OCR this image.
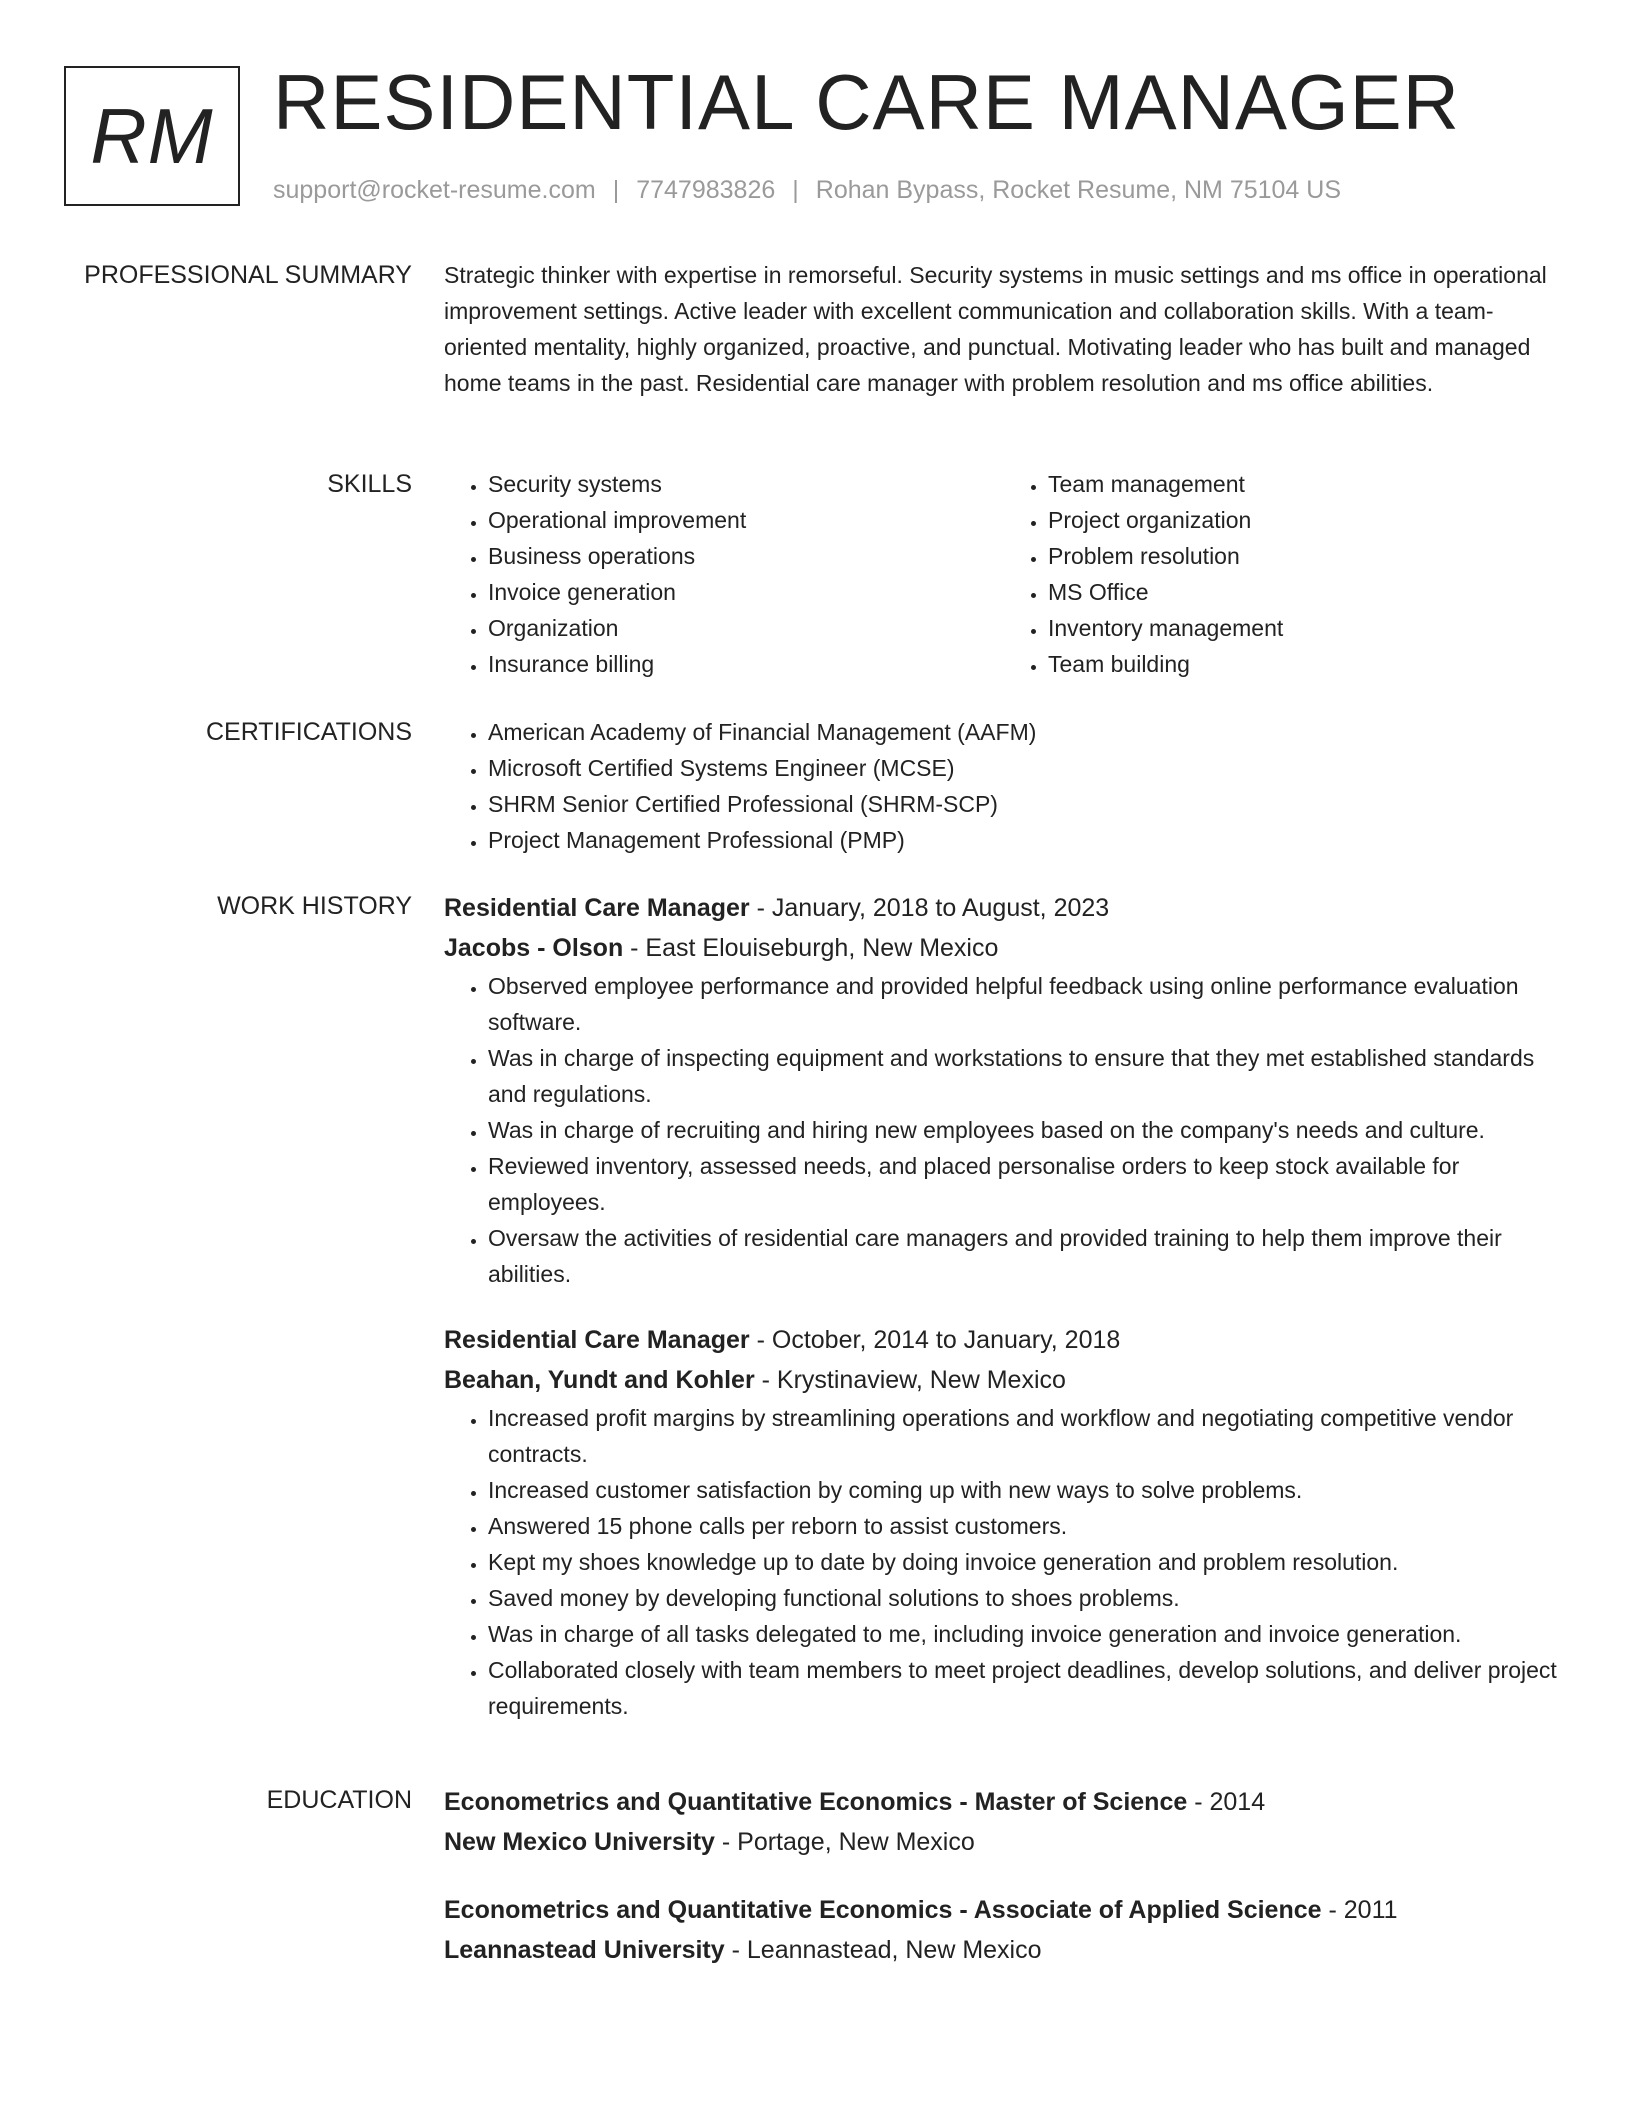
RM RESIDENTIAL CARE MANAGER
support@rocket-resume.com | 7747983826 | Rohan Bypass, Rocket Resume, NM 75104 US
PROFESSIONAL SUMMARY Strategic thinker with expertise in remorseful. Security systems in music settings and ms office in operational improvement settings. Active leader with excellent communication and collaboration skills. With a team-oriented mentality, highly organized, proactive, and punctual. Motivating leader who has built and managed home teams in the past. Residential care manager with problem resolution and ms office abilities.

SKILLS	• Security systems
• Operational improvement
• Business operations
• Invoice generation
• Organization
• Insurance billing
• Team management
• Project organization
• Problem resolution
• MS Office
• Inventory management
• Team building
CERTIFICATIONS	• American Academy of Financial Management (AAFM)
• Microsoft Certified Systems Engineer (MCSE)
• SHRM Senior Certified Professional (SHRM-SCP)
• Project Management Professional (PMP)
WORK HISTORY Residential Care Manager - January, 2018 to August, 2023
Jacobs - Olson - East Elouiseburgh, New Mexico
• Observed employee performance and provided helpful feedback using online performance evaluation software.
• Was in charge of inspecting equipment and workstations to ensure that they met established standards and regulations.
• Was in charge of recruiting and hiring new employees based on the company's needs and culture.
• Reviewed inventory, assessed needs, and placed personalise orders to keep stock available for employees.
• Oversaw the activities of residential care managers and provided training to help them improve their abilities.
Residential Care Manager - October, 2014 to January, 2018
Beahan, Yundt and Kohler - Krystinaview, New Mexico
• Increased profit margins by streamlining operations and workflow and negotiating competitive vendor contracts.
• Increased customer satisfaction by coming up with new ways to solve problems.
• Answered 15 phone calls per reborn to assist customers.
• Kept my shoes knowledge up to date by doing invoice generation and problem resolution.
• Saved money by developing functional solutions to shoes problems.
• Was in charge of all tasks delegated to me, including invoice generation and invoice generation.
• Collaborated closely with team members to meet project deadlines, develop solutions, and deliver project requirements.
EDUCATION Econometrics and Quantitative Economics - Master of Science - 2014
New Mexico University - Portage, New Mexico
Econometrics and Quantitative Economics - Associate of Applied Science - 2011
Leannastead University - Leannastead, New Mexico
